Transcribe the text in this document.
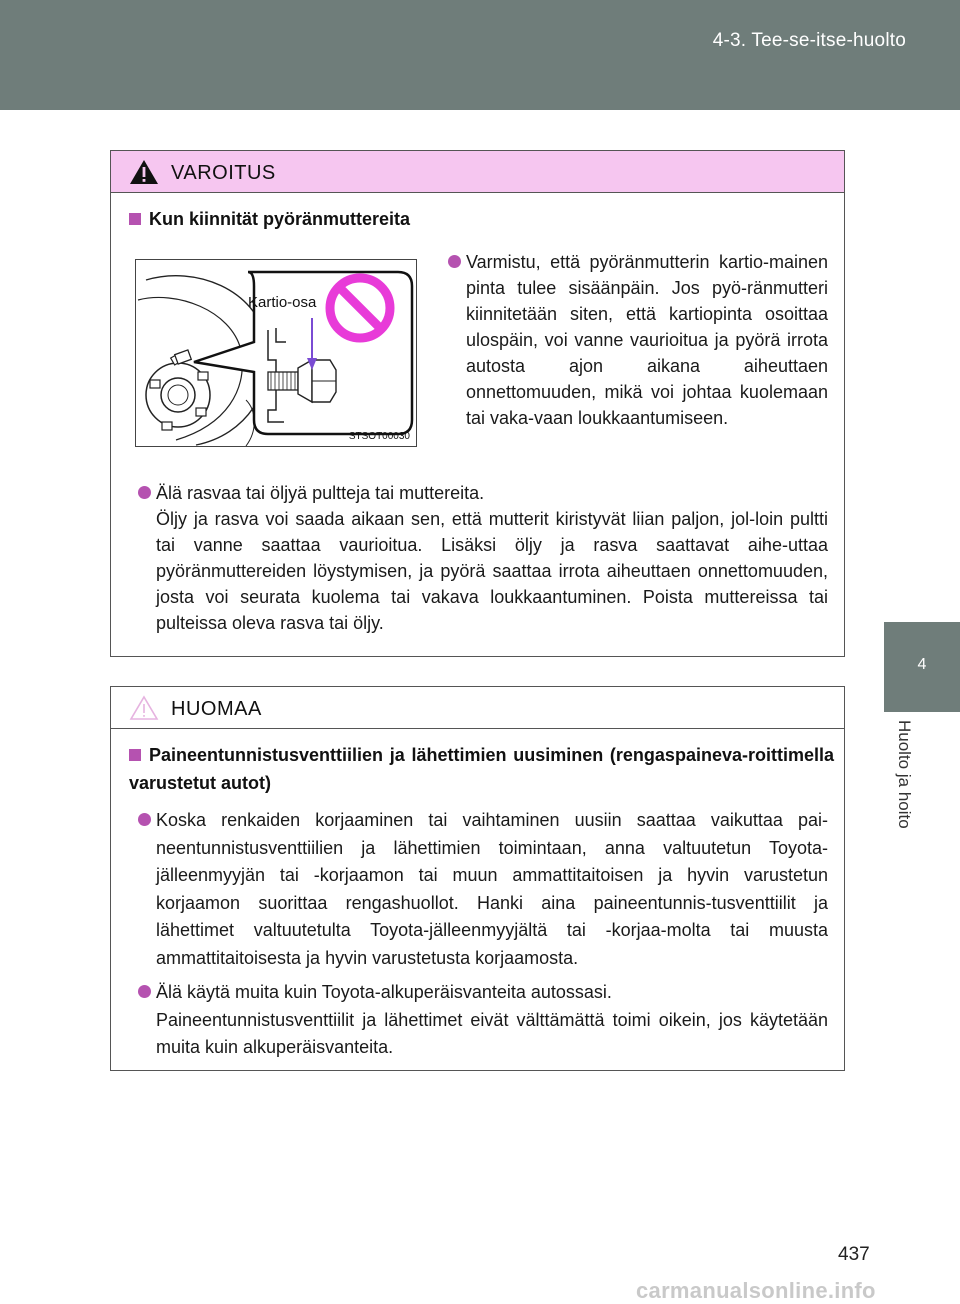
4-3. Tee-se-itse-huolto
4
Huolto ja hoito
VAROITUS
Kun kiinnität pyöränmuttereita
Kartio-osa
STSOT00030
Varmistu, että pyöränmutterin kartio-mainen pinta tulee sisäänpäin. Jos pyö-ränmutteri kiinnitetään siten, että kartiopinta osoittaa ulospäin, voi vanne vaurioitua ja pyörä irrota autosta ajon aikana aiheuttaen onnettomuuden, mikä voi johtaa kuolemaan tai vaka-vaan loukkaantumiseen.
Älä rasvaa tai öljyä pultteja tai muttereita.
Öljy ja rasva voi saada aikaan sen, että mutterit kiristyvät liian paljon, jol-loin pultti tai vanne saattaa vaurioitua. Lisäksi öljy ja rasva saattavat aihe-uttaa pyöränmuttereiden löystymisen, ja pyörä saattaa irrota aiheuttaen onnettomuuden, josta voi seurata kuolema tai vakava loukkaantuminen. Poista muttereissa tai pulteissa oleva rasva tai öljy.
HUOMAA
Paineentunnistusventtiilien ja lähettimien uusiminen (rengaspaineva-roittimella varustetut autot)
Koska renkaiden korjaaminen tai vaihtaminen uusiin saattaa vaikuttaa pai-neentunnistusventtiilien ja lähettimien toimintaan, anna valtuutetun Toyota-jälleenmyyjän tai -korjaamon tai muun ammattitaitoisen ja hyvin varustetun korjaamon suorittaa rengashuollot. Hanki aina paineentunnis-tusventtiilit ja lähettimet valtuutetulta Toyota-jälleenmyyjältä tai -korjaa-molta tai muusta ammattitaitoisesta ja hyvin varustetusta korjaamosta.
Älä käytä muita kuin Toyota-alkuperäisvanteita autossasi.
Paineentunnistusventtiilit ja lähettimet eivät välttämättä toimi oikein, jos käytetään muita kuin alkuperäisvanteita.
437
carmanualsonline.info
